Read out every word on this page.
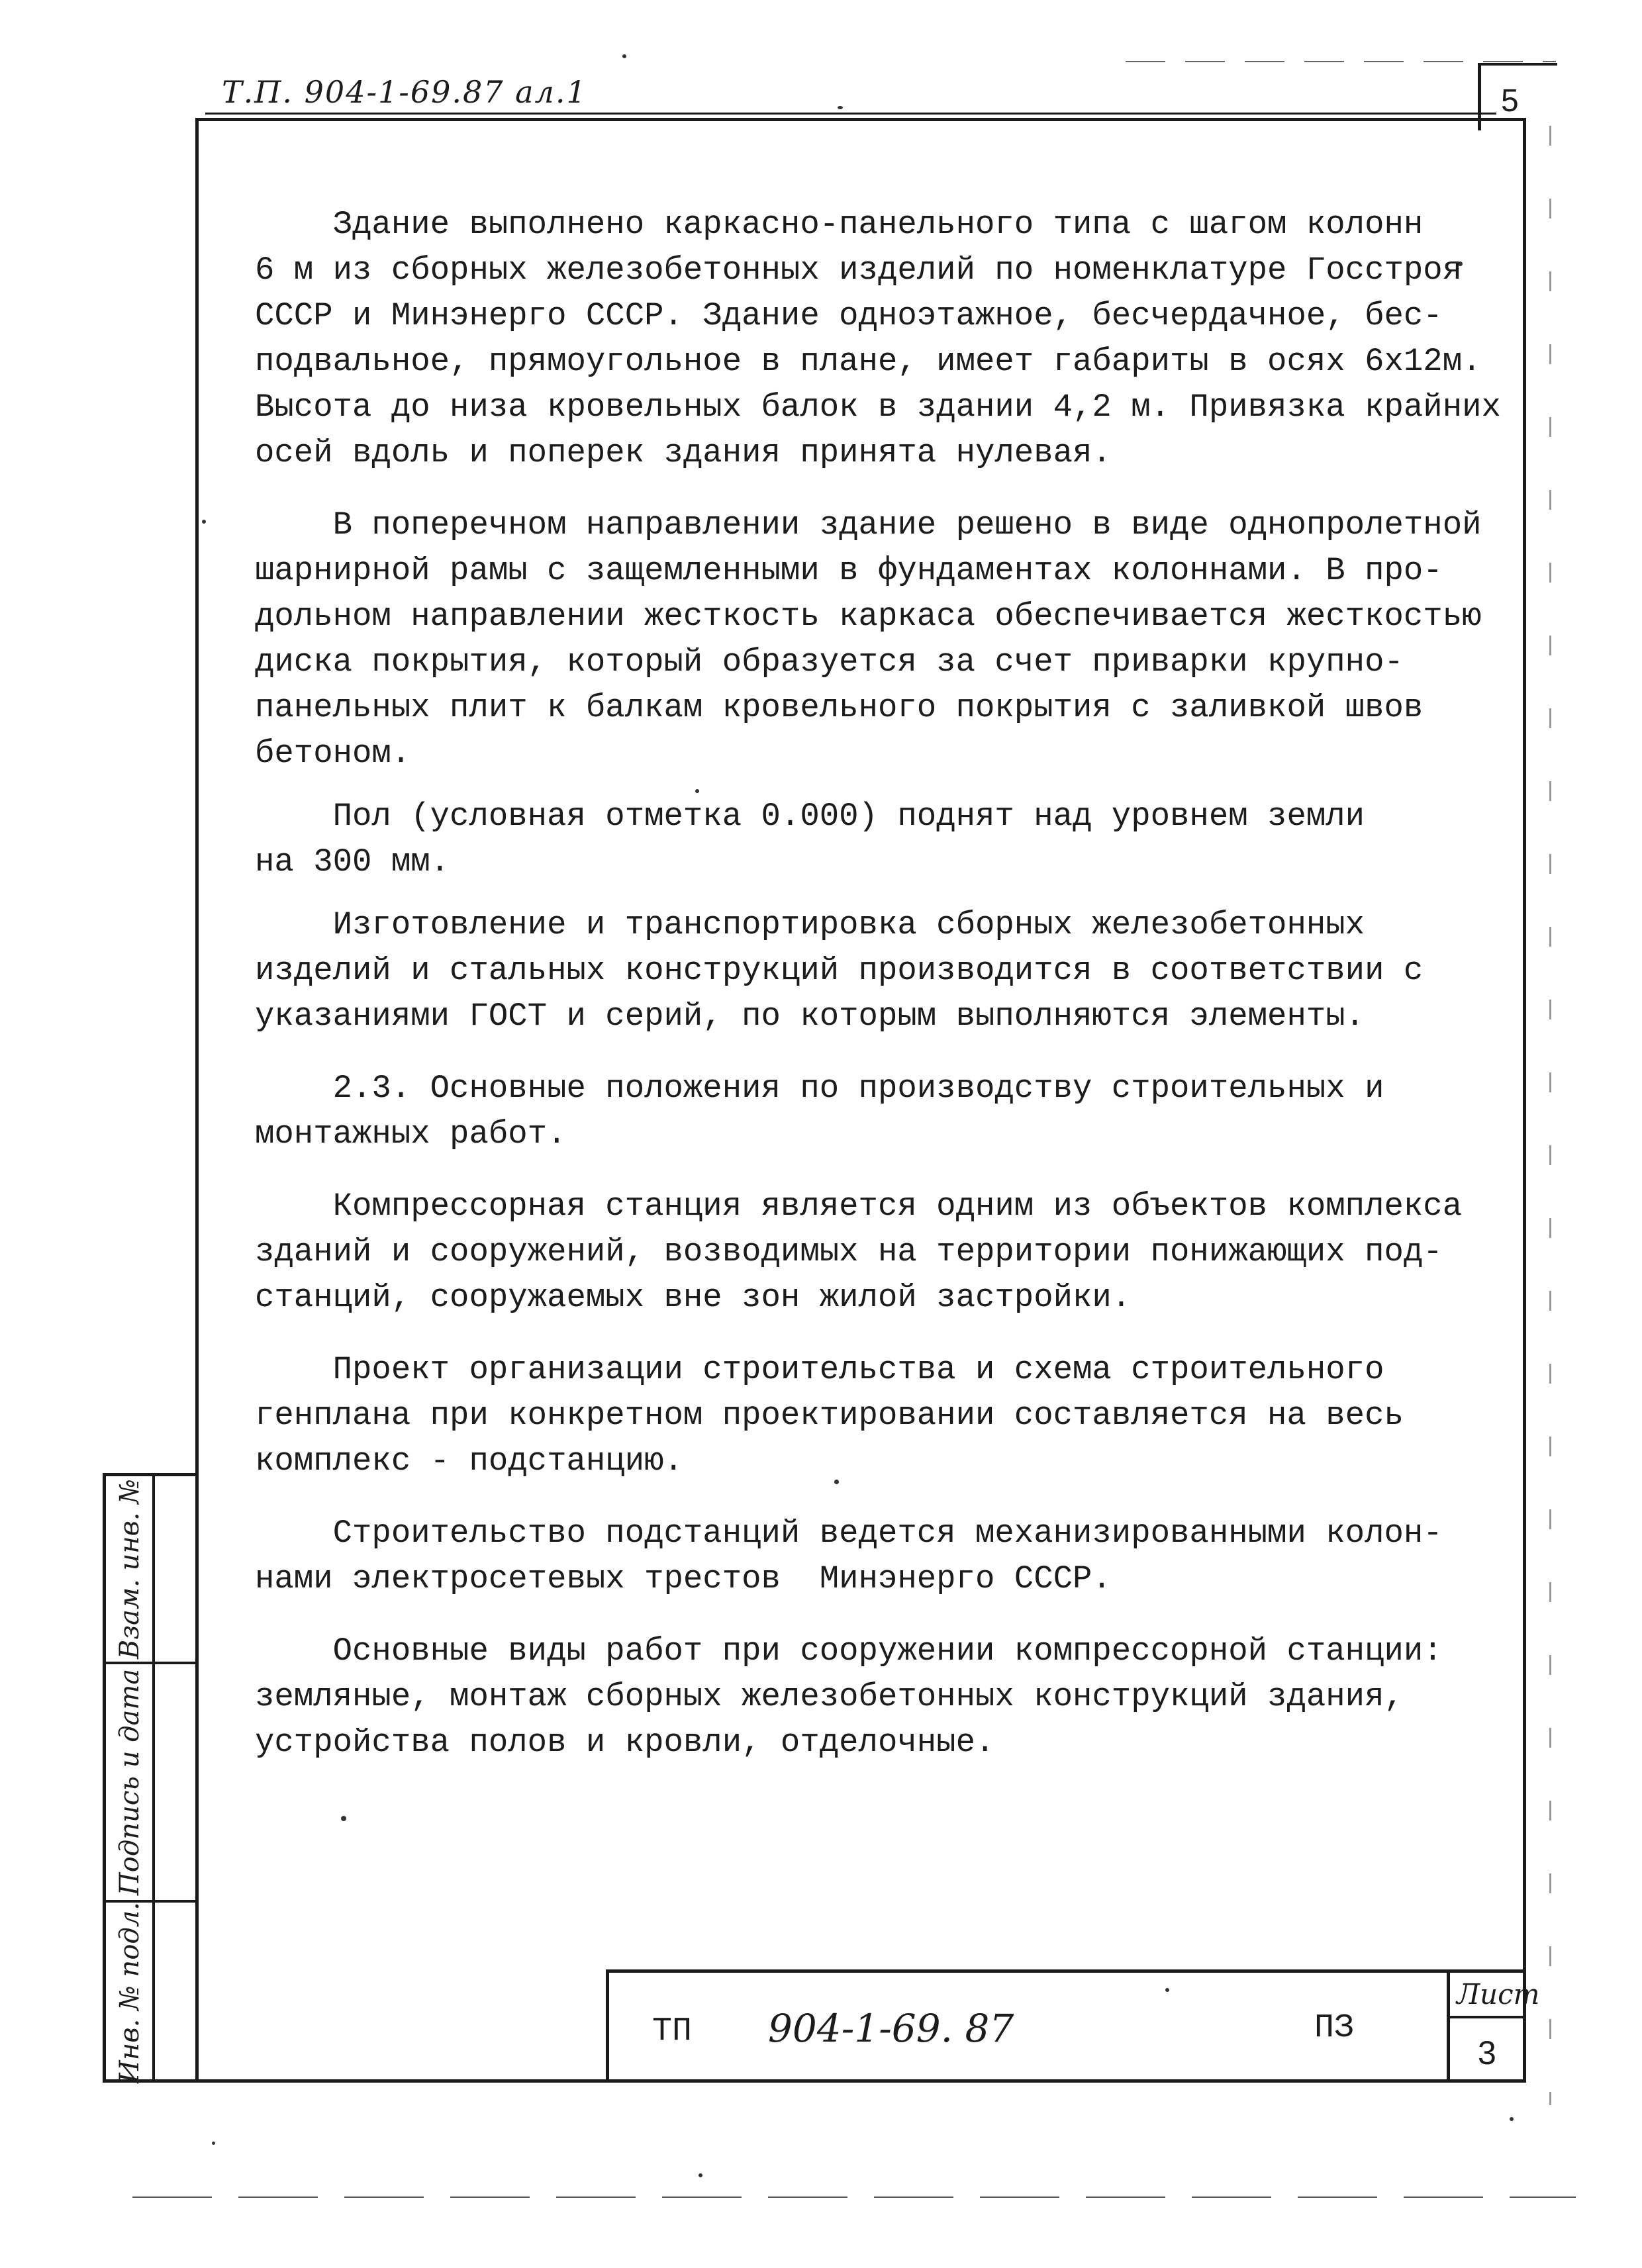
Т.П. 904-1-69.87 ал.1	5

Здание выполнено каркасно-панельного типа с шагом колонн

6 м из сборных железобетонных изделий по номенклатуре Госстроя

СССР и Минэнерго СССР. Здание одноэтажное, бесчердачное, бес-

подвальное, прямоугольное в плане, имеет габариты в осях 6х12м.

Высота до низа кровельных балок в здании 4,2 м. Привязка крайних

осей вдоль и поперек здания принята нулевая.

В поперечном направлении здание решено в виде однопролетной

шарнирной рамы с защемленными в фундаментах колоннами. В про-

дольном направлении жесткость каркаса обеспечивается жесткостью

диска покрытия, который образуется за счет приварки крупно-

панельных плит к балкам кровельного покрытия с заливкой швов

бетоном.

Пол (условная отметка 0.000) поднят над уровнем земли

на 300 мм.

Изготовление и транспортировка сборных железобетонных

изделий и стальных конструкций производится в соответствии с

указаниями ГОСТ и серий, по которым выполняются элементы.

2.3. Основные положения по производству строительных и

монтажных работ.

Компрессорная станция является одним из объектов комплекса

зданий и сооружений, возводимых на территории понижающих под-

станций, сооружаемых вне зон жилой застройки.

Проект организации строительства и схема строительного

генплана при конкретном проектировании составляется на весь

комплекс - подстанцию.

Строительство подстанций ведется механизированными колон-

нами электросетевых трестов  Минэнерго СССР.

Основные виды работ при сооружении компрессорной станции:

земляные, монтаж сборных железобетонных конструкций здания,

устройства полов и кровли, отделочные.

Взам. инв. №
Подпись и дата
Инв. № подл.	ТП 904-1-69. 87	ПЗ
Лист
3
